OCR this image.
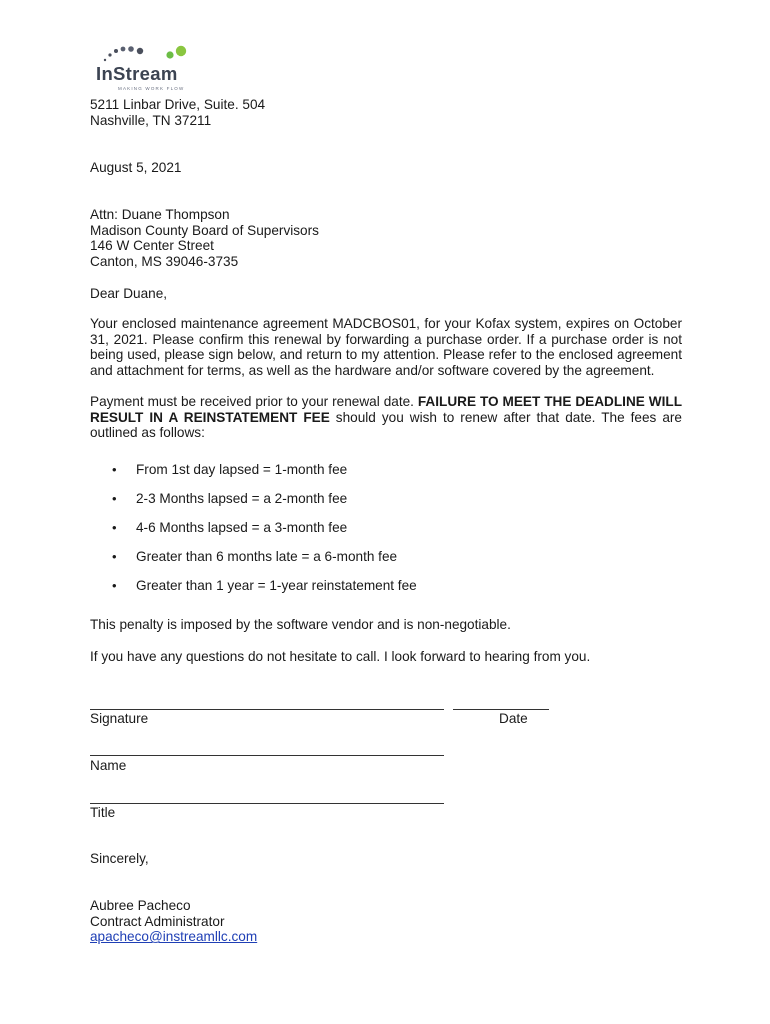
InStream
MAKING WORK FLOW
5211 Linbar Drive, Suite. 504
Nashville, TN 37211
August 5, 2021
Attn: Duane Thompson
Madison County Board of Supervisors
146 W Center Street
Canton, MS 39046-3735
Dear Duane,
Your enclosed maintenance agreement MADCBOS01, for your Kofax system, expires on October
31, 2021. Please confirm this renewal by forwarding a purchase order. If a purchase order is not
being used, please sign below, and return to my attention. Please refer to the enclosed agreement
and attachment for terms, as well as the hardware and/or software covered by the agreement.
Payment must be received prior to your renewal date. FAILURE TO MEET THE DEADLINE WILL
RESULT IN A REINSTATEMENT FEE should you wish to renew after that date. The fees are
outlined as follows:
• From 1st day lapsed = 1-month fee
• 2-3 Months lapsed = a 2-month fee
• 4-6 Months lapsed = a 3-month fee
• Greater than 6 months late = a 6-month fee
• Greater than 1 year = 1-year reinstatement fee
This penalty is imposed by the software vendor and is non-negotiable.
If you have any questions do not hesitate to call. I look forward to hearing from you.
Signature	Date
Name
Title
Sincerely,
Aubree Pacheco
Contract Administrator
apacheco@instreamllc.com
